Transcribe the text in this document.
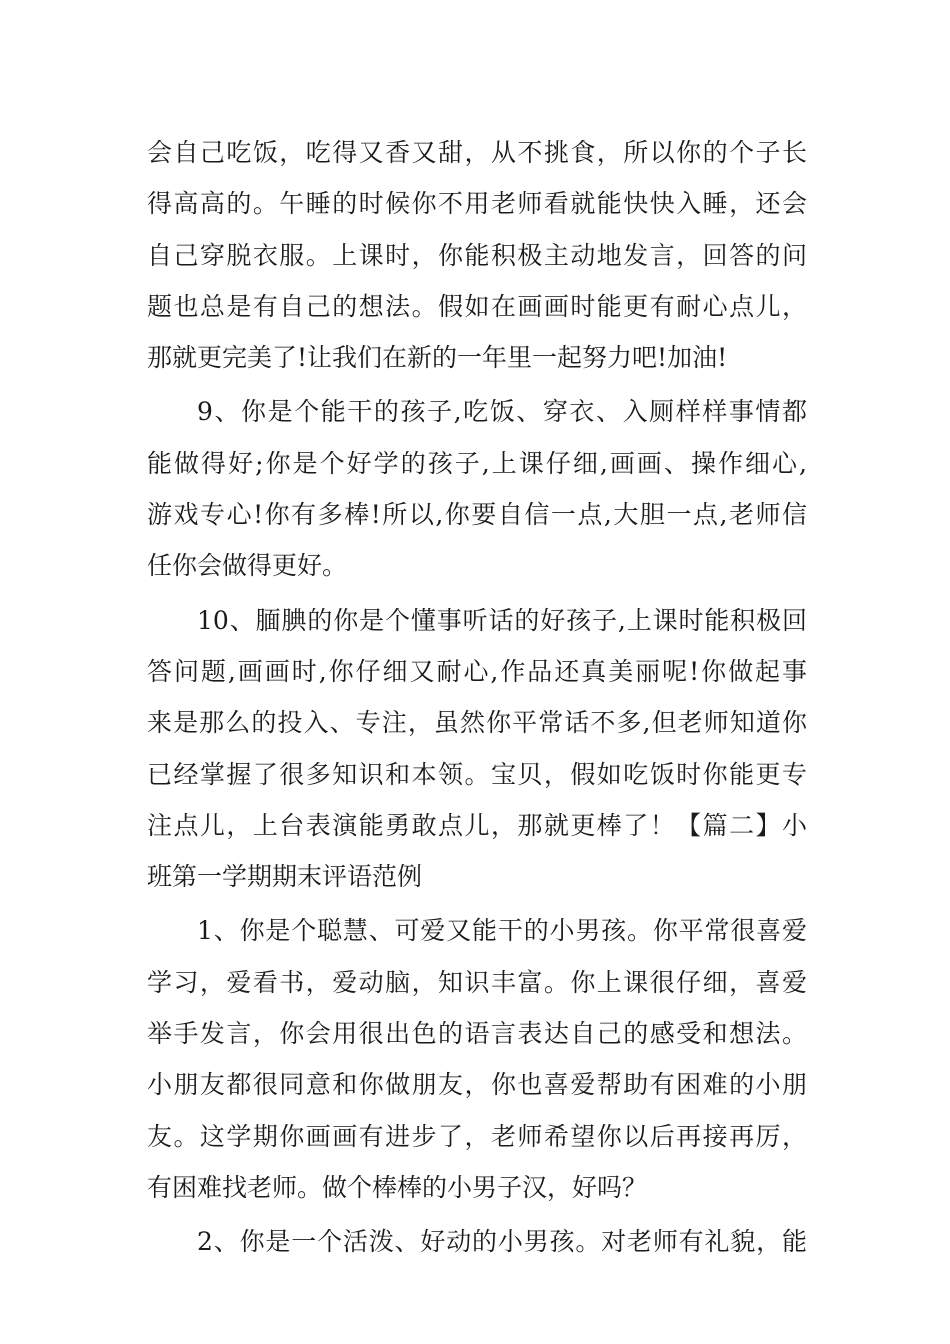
会自己吃饭，吃得又香又甜，从不挑食，所以你的个子长
得高高的。午睡的时候你不用老师看就能快快入睡，还会
自己穿脱衣服。上课时，你能积极主动地发言，回答的问
题也总是有自己的想法。假如在画画时能更有耐心点儿，
那就更完美了!让我们在新的一年里一起努力吧!加油!
9、你是个能干的孩子,吃饭、穿衣、入厕样样事情都
能做得好;你是个好学的孩子,上课仔细,画画、操作细心,
游戏专心!你有多棒!所以,你要自信一点,大胆一点,老师信
任你会做得更好。
10、腼腆的你是个懂事听话的好孩子,上课时能积极回
答问题,画画时,你仔细又耐心,作品还真美丽呢!你做起事
来是那么的投入、专注，虽然你平常话不多,但老师知道你
已经掌握了很多知识和本领。宝贝，假如吃饭时你能更专
注点儿，上台表演能勇敢点儿，那就更棒了！【篇二】小
班第一学期期末评语范例
1、你是个聪慧、可爱又能干的小男孩。你平常很喜爱
学习，爱看书，爱动脑，知识丰富。你上课很仔细，喜爱
举手发言，你会用很出色的语言表达自己的感受和想法。
小朋友都很同意和你做朋友，你也喜爱帮助有困难的小朋
友。这学期你画画有进步了，老师希望你以后再接再厉，
有困难找老师。做个棒棒的小男子汉，好吗？
2、你是一个活泼、好动的小男孩。对老师有礼貌，能
